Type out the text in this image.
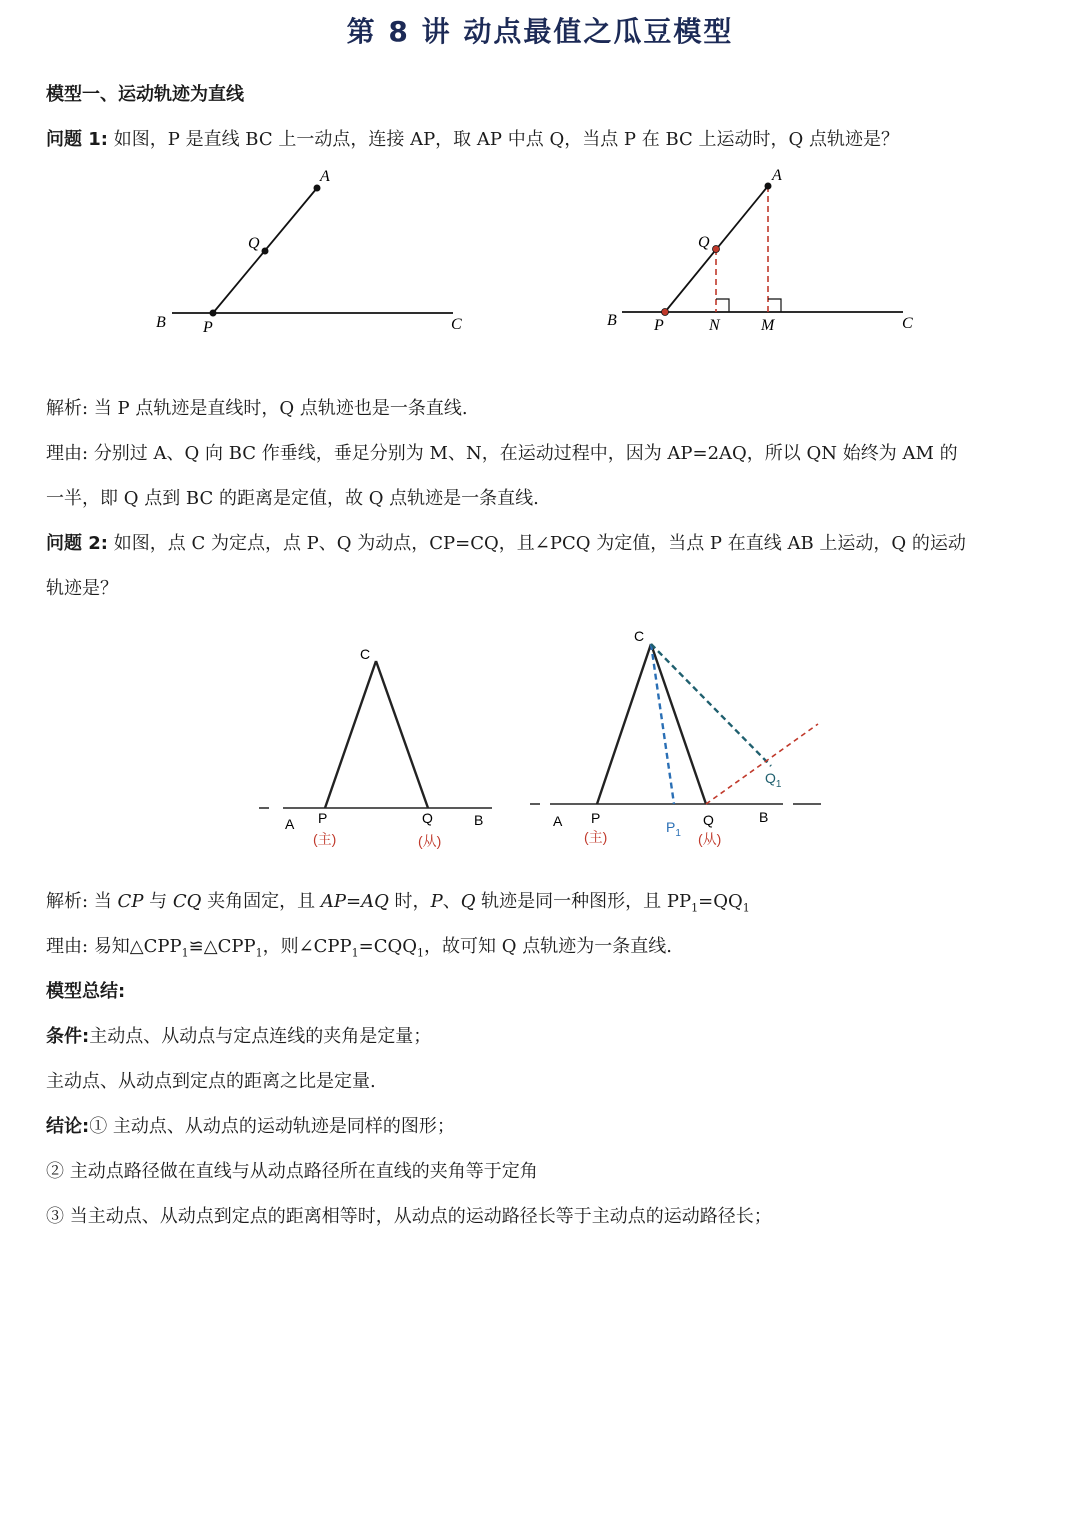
第 8 讲 动点最值之瓜豆模型
模型一、运动轨迹为直线
问题 1: 如图，P 是直线 BC 上一动点，连接 AP，取 AP 中点 Q，当点 P 在 BC 上运动时，Q 点轨迹是？
A
Q
B P	C
A
Q
B P	N	M	C
解析: 当 P 点轨迹是直线时，Q 点轨迹也是一条直线.
理由: 分别过 A、Q 向 BC 作垂线，垂足分别为 M、N，在运动过程中，因为 AP=2AQ，所以 QN 始终为 AM 的
一半，即 Q 点到 BC 的距离是定值，故 Q 点轨迹是一条直线.
问题 2: 如图，点 C 为定点，点 P、Q 为动点，CP=CQ，且∠PCQ 为定值，当点 P 在直线 AB 上运动，Q 的运动
轨迹是？
C
A P	Q	B
(主)	(从)
C
A P
$P_1$
Q
$Q_1$
B
(主)	(从)
解析: 当 CP 与 CQ 夹角固定，且 AP=AQ 时，P、Q 轨迹是同一种图形，且 $PP_1=QQ_1$
理由: 易知$\triangle CPP_1≌\triangle CPP_1$，则$\angle CPP_1=CQQ_1$，故可知 Q 点轨迹为一条直线.
模型总结:
条件:主动点、从动点与定点连线的夹角是定量；
主动点、从动点到定点的距离之比是定量.
结论:① 主动点、从动点的运动轨迹是同样的图形；
② 主动点路径做在直线与从动点路径所在直线的夹角等于定角
③ 当主动点、从动点到定点的距离相等时，从动点的运动路径长等于主动点的运动路径长；
